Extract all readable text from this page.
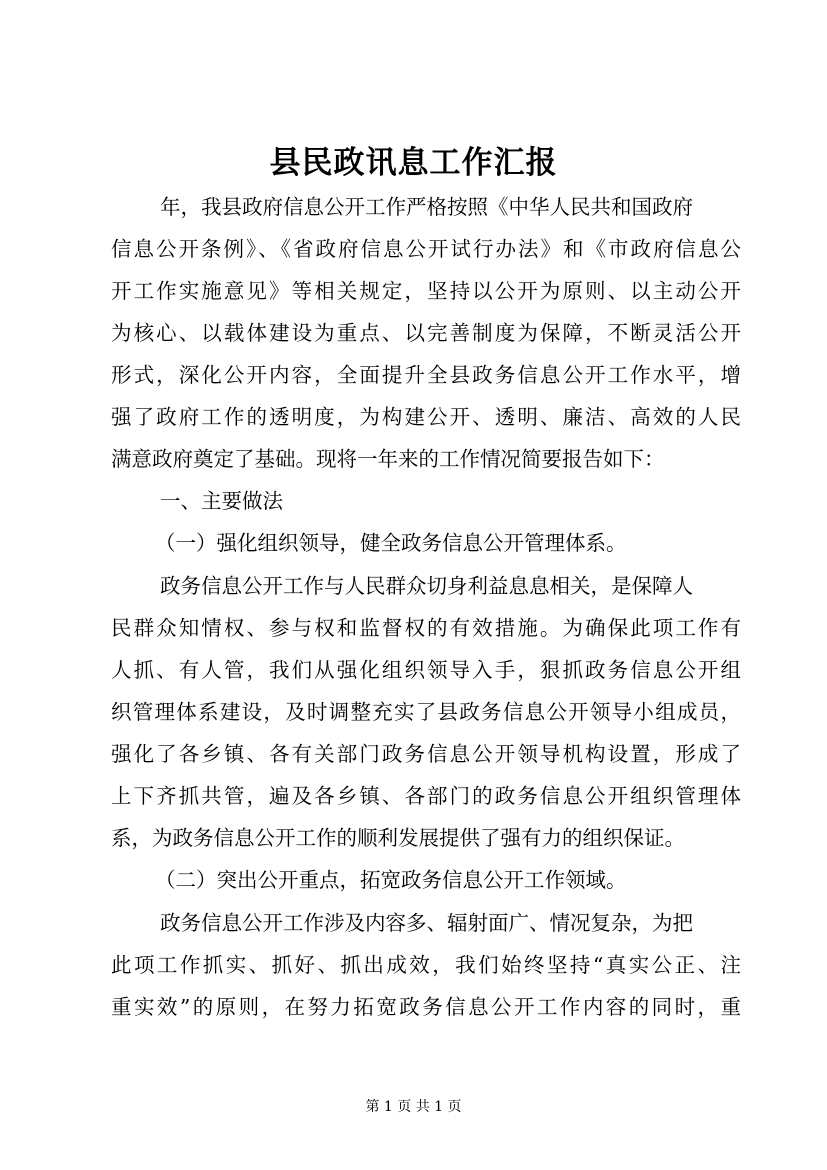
县民政讯息工作汇报
年，我县政府信息公开工作严格按照《中华人民共和国政府
信息公开条例》、《省政府信息公开试行办法》和《市政府信息公
开工作实施意见》等相关规定，坚持以公开为原则、以主动公开
为核心、以载体建设为重点、以完善制度为保障，不断灵活公开
形式，深化公开内容，全面提升全县政务信息公开工作水平，增
强了政府工作的透明度，为构建公开、透明、廉洁、高效的人民
满意政府奠定了基础。现将一年来的工作情况简要报告如下：
一、主要做法
（一）强化组织领导，健全政务信息公开管理体系。
政务信息公开工作与人民群众切身利益息息相关，是保障人
民群众知情权、参与权和监督权的有效措施。为确保此项工作有
人抓、有人管，我们从强化组织领导入手，狠抓政务信息公开组
织管理体系建设，及时调整充实了县政务信息公开领导小组成员，
强化了各乡镇、各有关部门政务信息公开领导机构设置，形成了
上下齐抓共管，遍及各乡镇、各部门的政务信息公开组织管理体
系，为政务信息公开工作的顺利发展提供了强有力的组织保证。
（二）突出公开重点，拓宽政务信息公开工作领域。
政务信息公开工作涉及内容多、辐射面广、情况复杂，为把
此项工作抓实、抓好、抓出成效，我们始终坚持“真实公正、注
重实效”的原则，在努力拓宽政务信息公开工作内容的同时，重
第 1 页 共 1 页
